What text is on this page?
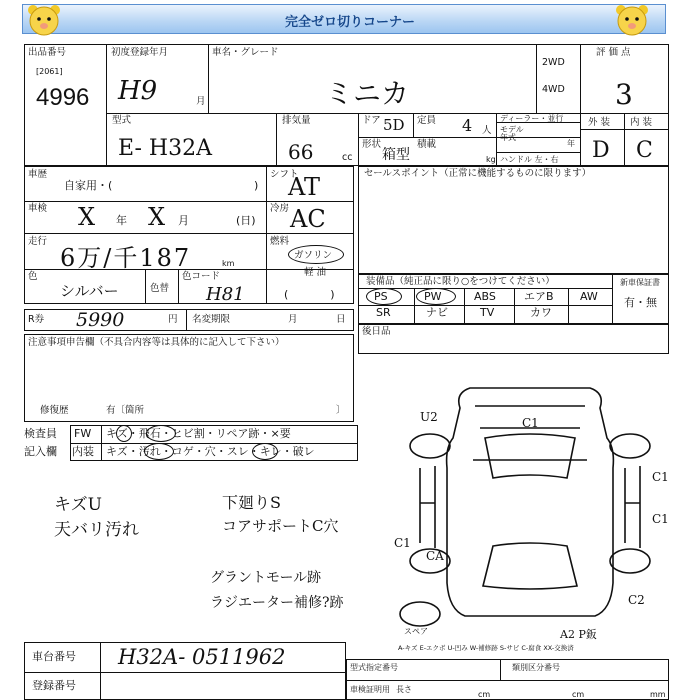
完全ゼロ切りコーナー
出品番号
[2061]
4996
初度登録年月
H9	月
車名・グレード
ミニカ
2WD
4WD
評 価 点
3
外 装 内 装
D C
型式
E- H32A
排気量
66	cc
ドア 5D 定員 4 人
ディーラー・並行
形状
箱型
積載
kg
モデル年式
年
ハンドル 左・右
車歴
自家用・(	)
車検 X 年 X 月	(日)
走行
6万/千187	km
色
シルバー	色替
色コード
H81
シフト
AT
冷房 AC
燃料
ガソリン
軽 油
(            )
セールスポイント（正常に機能するものに限ります）
装備品（純正品に限り○をつけてください）
PS	PW	ABS	エアB AW
SR	ナビ	TV	カワ
新車保証書
有・無
後日品
R券 5990	円 名変期限	月	日
注意事項申告欄（不具合内容等は具体的に記入して下さい）
修復歴	有〔箇所	〕
検査員
記入欄
FW キズ・飛石・ヒビ割・リペア跡・×要
内装 キズ・汚れ・コゲ・穴・スレ・キレ・破レ
キズU
天バリ汚れ
下廻りS
コアサポートC穴
グラントモール跡
ラジエーター補修?跡
U2	C1
C1
C1
C1
CA
C2
A2 P鈑
スペア
A-キズ E-エクボ U-凹み W-補修跡 S-サビ C-腐食 XX-交換済
車台番号 H32A- 0511962
登録番号
型式指定番号	類別区分番号
車検証明用 長さ
cm	cm	mm
